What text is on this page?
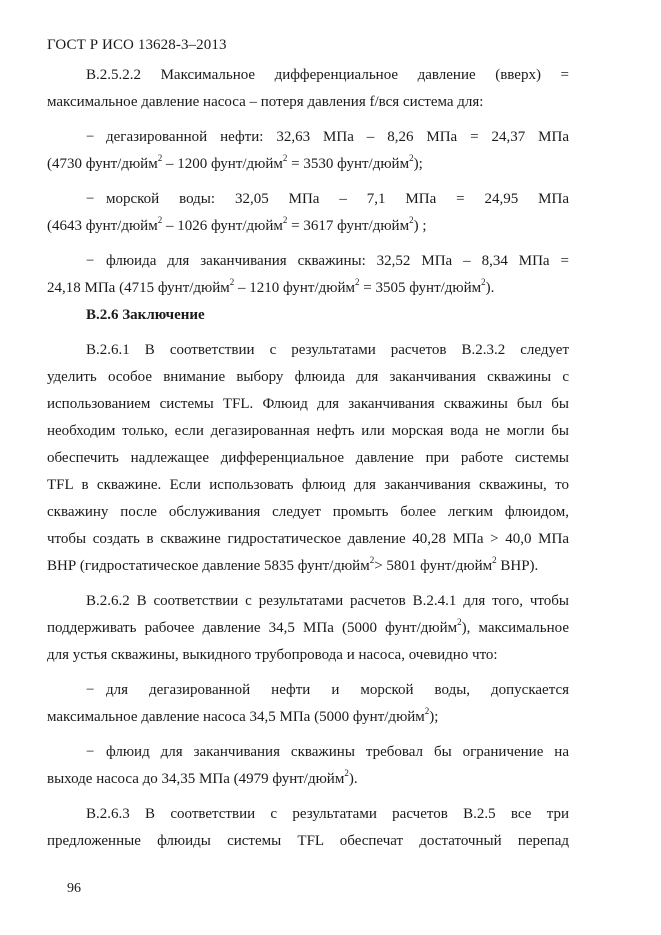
ГОСТ Р ИСО 13628-3–2013

В.2.5.2.2 Максимальное дифференциальное давление (вверх) =

максимальное давление насоса – потеря давления f/вся система для:

− дегазированной нефти: 32,63 МПа – 8,26 МПа = 24,37 МПа

(4730 фунт/дюйм$^2$ – 1200 фунт/дюйм$^2$ = 3530 фунт/дюйм$^2$);

− морской воды: 32,05 МПа – 7,1 МПа = 24,95 МПа

(4643 фунт/дюйм$^2$ – 1026 фунт/дюйм$^2$ = 3617 фунт/дюйм$^2$) ;

− флюида для заканчивания скважины: 32,52 МПа – 8,34 МПа =

24,18 МПа (4715 фунт/дюйм$^2$ – 1210 фунт/дюйм$^2$ = 3505 фунт/дюйм$^2$).

В.2.6 Заключение

В.2.6.1 В соответствии с результатами расчетов В.2.3.2 следует

уделить особое внимание выбору флюида для заканчивания скважины с

использованием системы TFL. Флюид для заканчивания скважины был бы

необходим только, если дегазированная нефть или морская вода не могли бы

обеспечить надлежащее дифференциальное давление при работе системы

TFL в скважине. Если использовать флюид для заканчивания скважины, то

скважину после обслуживания следует промыть более легким флюидом,

чтобы создать в скважине гидростатическое давление 40,28 МПа > 40,0 МПа

ВНР (гидростатическое давление 5835 фунт/дюйм$^2$> 5801 фунт/дюйм$^2$ ВНР).

В.2.6.2 В соответствии с результатами расчетов В.2.4.1 для того, чтобы

поддерживать рабочее давление 34,5 МПа (5000 фунт/дюйм$^2$), максимальное

для устья скважины, выкидного трубопровода и насоса, очевидно что:

− для дегазированной нефти и морской воды, допускается

максимальное давление насоса 34,5 МПа (5000 фунт/дюйм$^2$);

− флюид для заканчивания скважины требовал бы ограничение на

выходе насоса до 34,35 МПа (4979 фунт/дюйм$^2$).

В.2.6.3 В соответствии с результатами расчетов В.2.5 все три

предложенные флюиды системы TFL обеспечат достаточный перепад

96
